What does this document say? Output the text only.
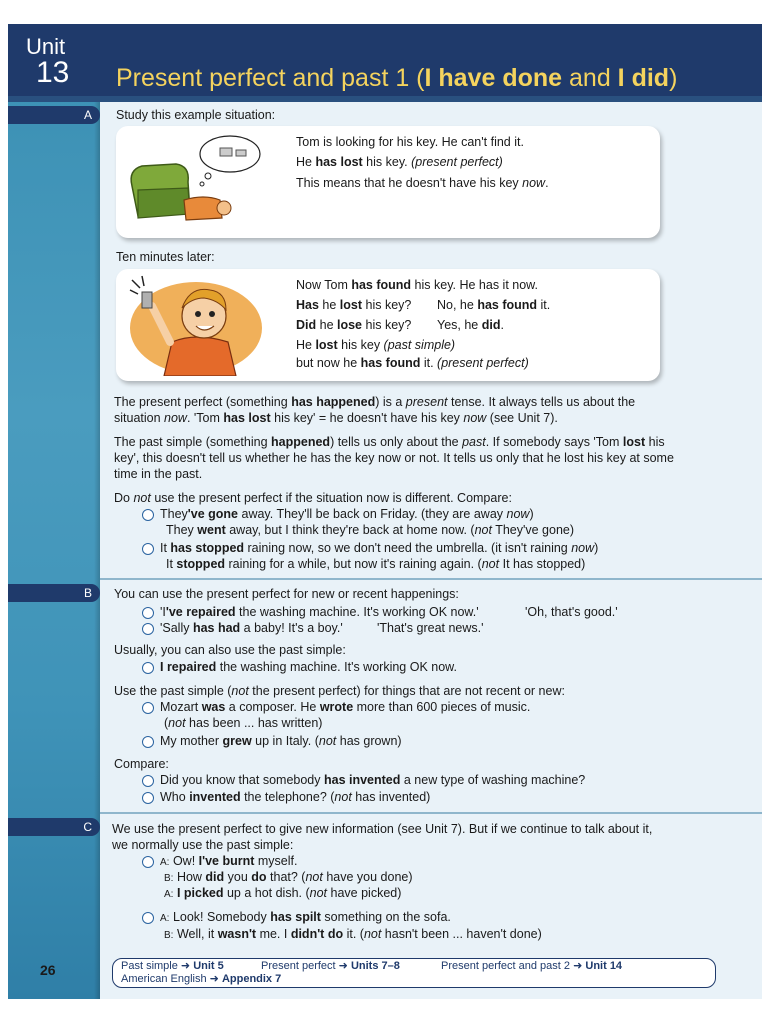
Unit
13 Present perfect and past 1 (I have done and I did)
A Study this example situation:
Tom is looking for his key. He can't find it.
He has lost his key. (present perfect)
This means that he doesn't have his key now.
Ten minutes later:
Now Tom has found his key. He has it now.
Has he lost his key? No, he has found it.
Did he lose his key? Yes, he did.
He lost his key (past simple)
but now he has found it. (present perfect)
The present perfect (something has happened) is a present tense. It always tells us about the
situation now. 'Tom has lost his key' = he doesn't have his key now (see Unit 7).
The past simple (something happened) tells us only about the past. If somebody says 'Tom lost his
key', this doesn't tell us whether he has the key now or not. It tells us only that he lost his key at some
time in the past.
Do not use the present perfect if the situation now is different. Compare:
They've gone away. They'll be back on Friday. (they are away now)
They went away, but I think they're back at home now. (not They've gone)
It has stopped raining now, so we don't need the umbrella. (it isn't raining now)
It stopped raining for a while, but now it's raining again. (not It has stopped)
B You can use the present perfect for new or recent happenings:
'I've repaired the washing machine. It's working OK now.'	'Oh, that's good.'
'Sally has had a baby! It's a boy.'	'That's great news.'
Usually, you can also use the past simple:
I repaired the washing machine. It's working OK now.
Use the past simple (not the present perfect) for things that are not recent or new:
Mozart was a composer. He wrote more than 600 pieces of music.
(not has been ... has written)
My mother grew up in Italy. (not has grown)
Compare:
Did you know that somebody has invented a new type of washing machine?
Who invented the telephone? (not has invented)
C We use the present perfect to give new information (see Unit 7). But if we continue to talk about it,
we normally use the past simple:
A: Ow! I've burnt myself.
B: How did you do that? (not have you done)
A: I picked up a hot dish. (not have picked)
A: Look! Somebody has spilt something on the sofa.
B: Well, it wasn't me. I didn't do it. (not hasn't been ... haven't done)
26	Past simple ➜ Unit 5	Present perfect ➜ Units 7–8	Present perfect and past 2 ➜ Unit 14
American English ➜ Appendix 7
